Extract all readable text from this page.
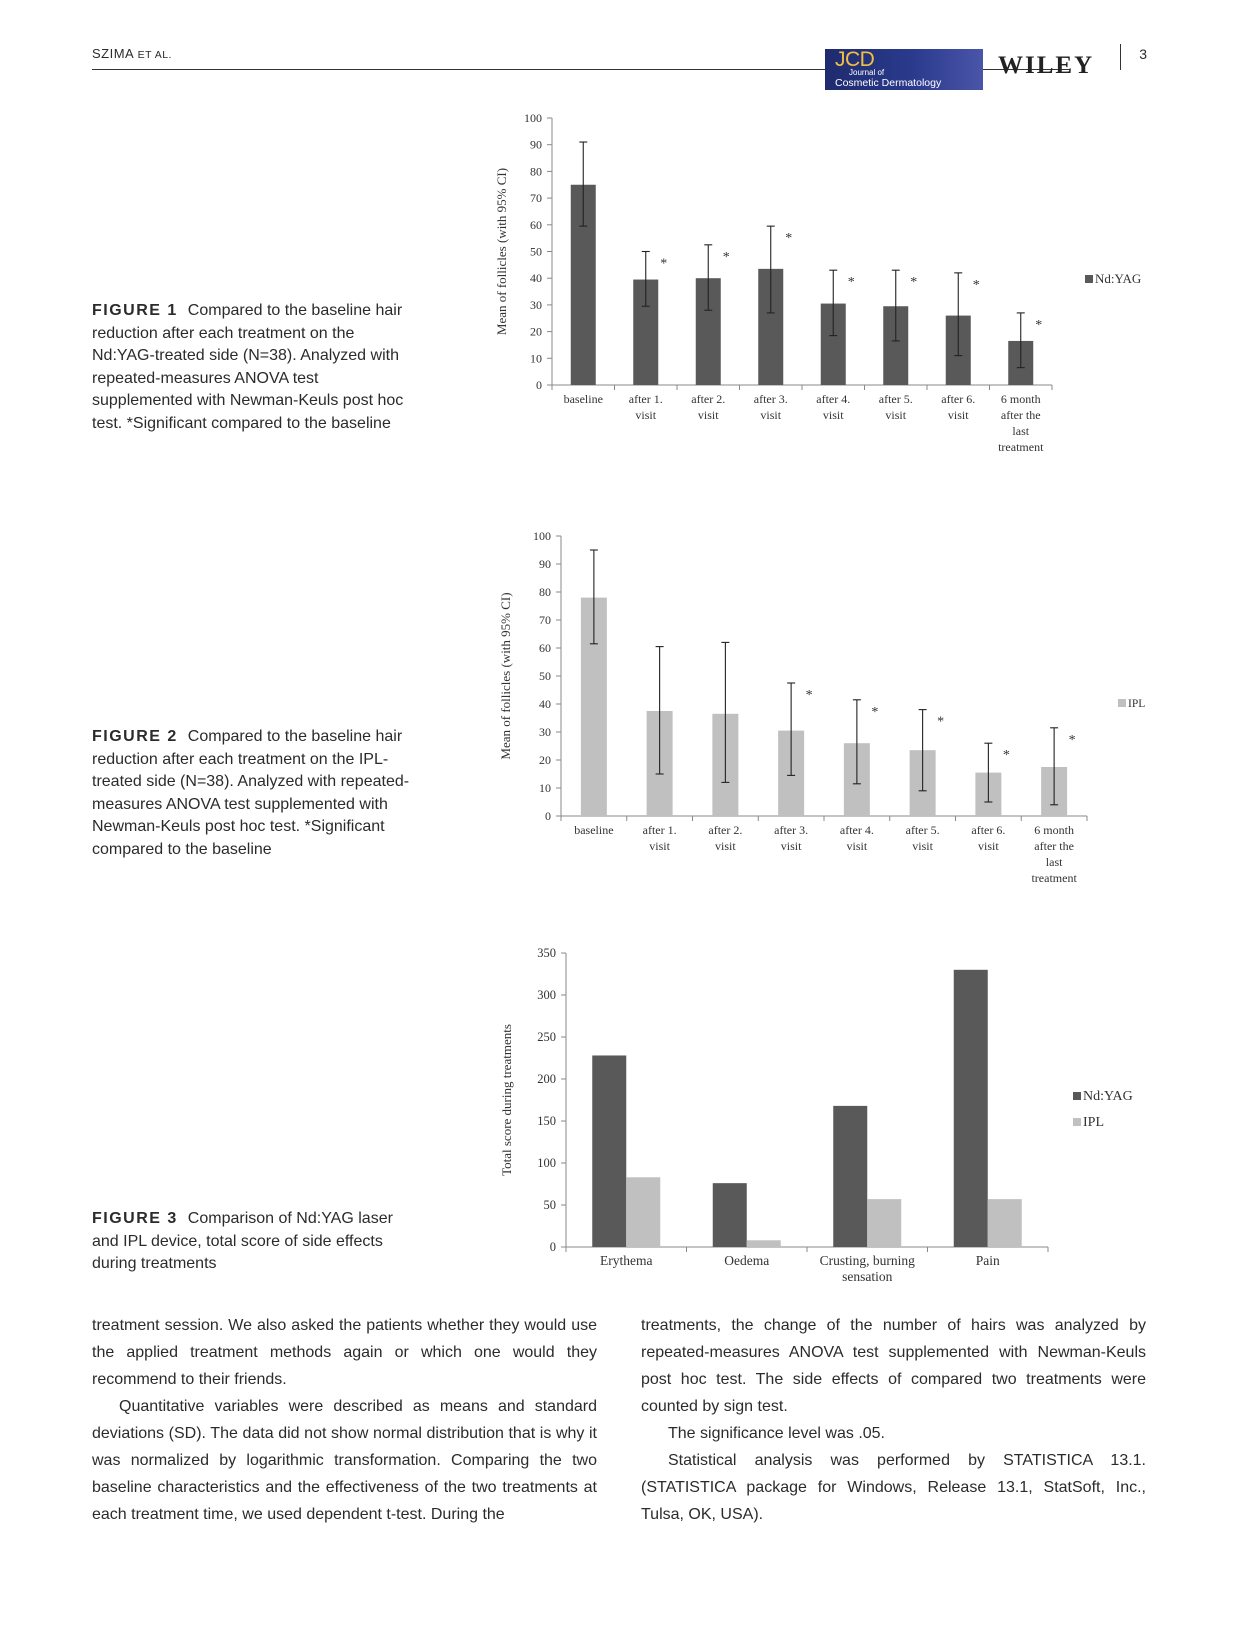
SZIMA ET AL.	3
JCD
Journal of
Cosmetic Dermatology
WILEY
FIGURE 1 Compared to the baseline hair reduction after each treatment on the Nd:YAG-treated side (N=38). Analyzed with repeated-measures ANOVA test supplemented with Newman-Keuls post hoc test. *Significant compared to the baseline
FIGURE 2 Compared to the baseline hair reduction after each treatment on the IPL-treated side (N=38). Analyzed with repeated-measures ANOVA test supplemented with Newman-Keuls post hoc test. *Significant compared to the baseline
FIGURE 3 Comparison of Nd:YAG laser and IPL device, total score of side effects during treatments
0
10
20
30
40
50
60
70
80
90
100
Mean of follicles (with 95% CI)
baseline
*
after 1.
visit
*
after 2.
visit
*
after 3.
visit
*
after 4.
visit
*
after 5.
visit
*
after 6.
visit
*
6 month
after the
last
treatment
Nd:YAG
0
10
20
30
40
50
60
70
80
90
100
Mean of follicles (with 95% CI)
baseline after 1.
visit
after 2.
visit
*
after 3.
visit
*
after 4.
visit
*
after 5.
visit
*
after 6.
visit
*
6 month
after the
last
treatment
IPL
0
50
100
150
200
250
300
350
Total score during treatments
Erythema	Oedema	Crusting, burning
sensation
Pain
Nd:YAG
IPL

treatment session. We also asked the patients whether they would use the applied treatment methods again or which one would they recommend to their friends.

Quantitative variables were described as means and standard deviations (SD). The data did not show normal distribution that is why it was normalized by logarithmic transformation. Comparing the two baseline characteristics and the effectiveness of the two treatments at each treatment time, we used dependent t-test. During the

treatments, the change of the number of hairs was analyzed by repeated-measures ANOVA test supplemented with Newman-Keuls post hoc test. The side effects of compared two treatments were counted by sign test.

The significance level was .05.

Statistical analysis was performed by STATISTICA 13.1. (STATISTICA package for Windows, Release 13.1, StatSoft, Inc., Tulsa, OK, USA).
